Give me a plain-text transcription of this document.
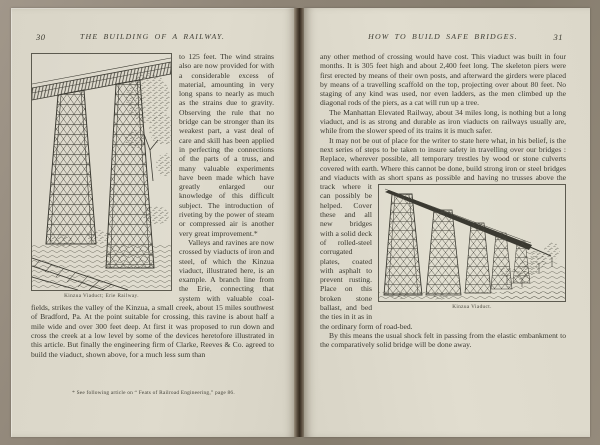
30	THE BUILDING OF A RAILWAY.
Kinzua Viaduct; Erie Railway.

to 125 feet. The wind strains also are now provided for with a considerable excess of material, amounting in very long spans to nearly as much as the strains due to gravity. Observing the rule that no bridge can be stronger than its weakest part, a vast deal of care and skill has been applied in perfecting the connections of the parts of a truss, and many valuable experiments have been made which have greatly enlarged our knowledge of this difficult subject. The introduction of riveting by the power of steam or compressed air is another very great improvement.*

Valleys and ravines are now crossed by viaducts of iron and steel, of which the Kinzua viaduct, illustrated here, is an example. A branch line from the Erie, connecting that system with valuable coal-fields, strikes the valley of the Kinzua, a small creek, about 15 miles southwest of Bradford, Pa. At the point suitable for crossing, this ravine is about half a mile wide and over 300 feet deep. At first it was proposed to run down and cross the creek at a low level by some of the devices heretofore illustrated in this article. But finally the engineering firm of Clarke, Reeves & Co. agreed to build the viaduct, shown above, for a much less sum than

* See following article on “ Feats of Railroad Engineering,” page 86.
31
HOW TO BUILD SAFE BRIDGES.

any other method of crossing would have cost. This viaduct was built in four months. It is 305 feet high and about 2,400 feet long. The skeleton piers were first erected by means of their own posts, and afterward the girders were placed by means of a travelling scaffold on the top, projecting over about 80 feet. No staging of any kind was used, nor even ladders, as the men climbed up the diagonal rods of the piers, as a cat will run up a tree.

The Manhattan Elevated Railway, about 34 miles long, is nothing but a long viaduct, and is as strong and durable as iron viaducts on railways usually are, while from the slower speed of its trains it is much safer.

It may not be out of place for the writer to state here what, in his belief, is the next series of steps to be taken to insure safety in travelling over our bridges : Replace, wherever possible, all temporary trestles by wood or stone culverts covered with earth. Where this cannot be done, build strong iron or steel bridges and viaducts with as short spans as possible and having no trusses
Kinzua Viaduct.
above the track where it can possibly be helped. Cover these and all new bridges with a solid deck of rolled-steel corrugated plates, coated with asphalt to prevent rusting. Place on this broken stone ballast, and bed the ties in it as in the ordinary form of road-bed.

By this means the usual shock felt in passing from the elastic embankment to the comparatively solid bridge will be done away.
